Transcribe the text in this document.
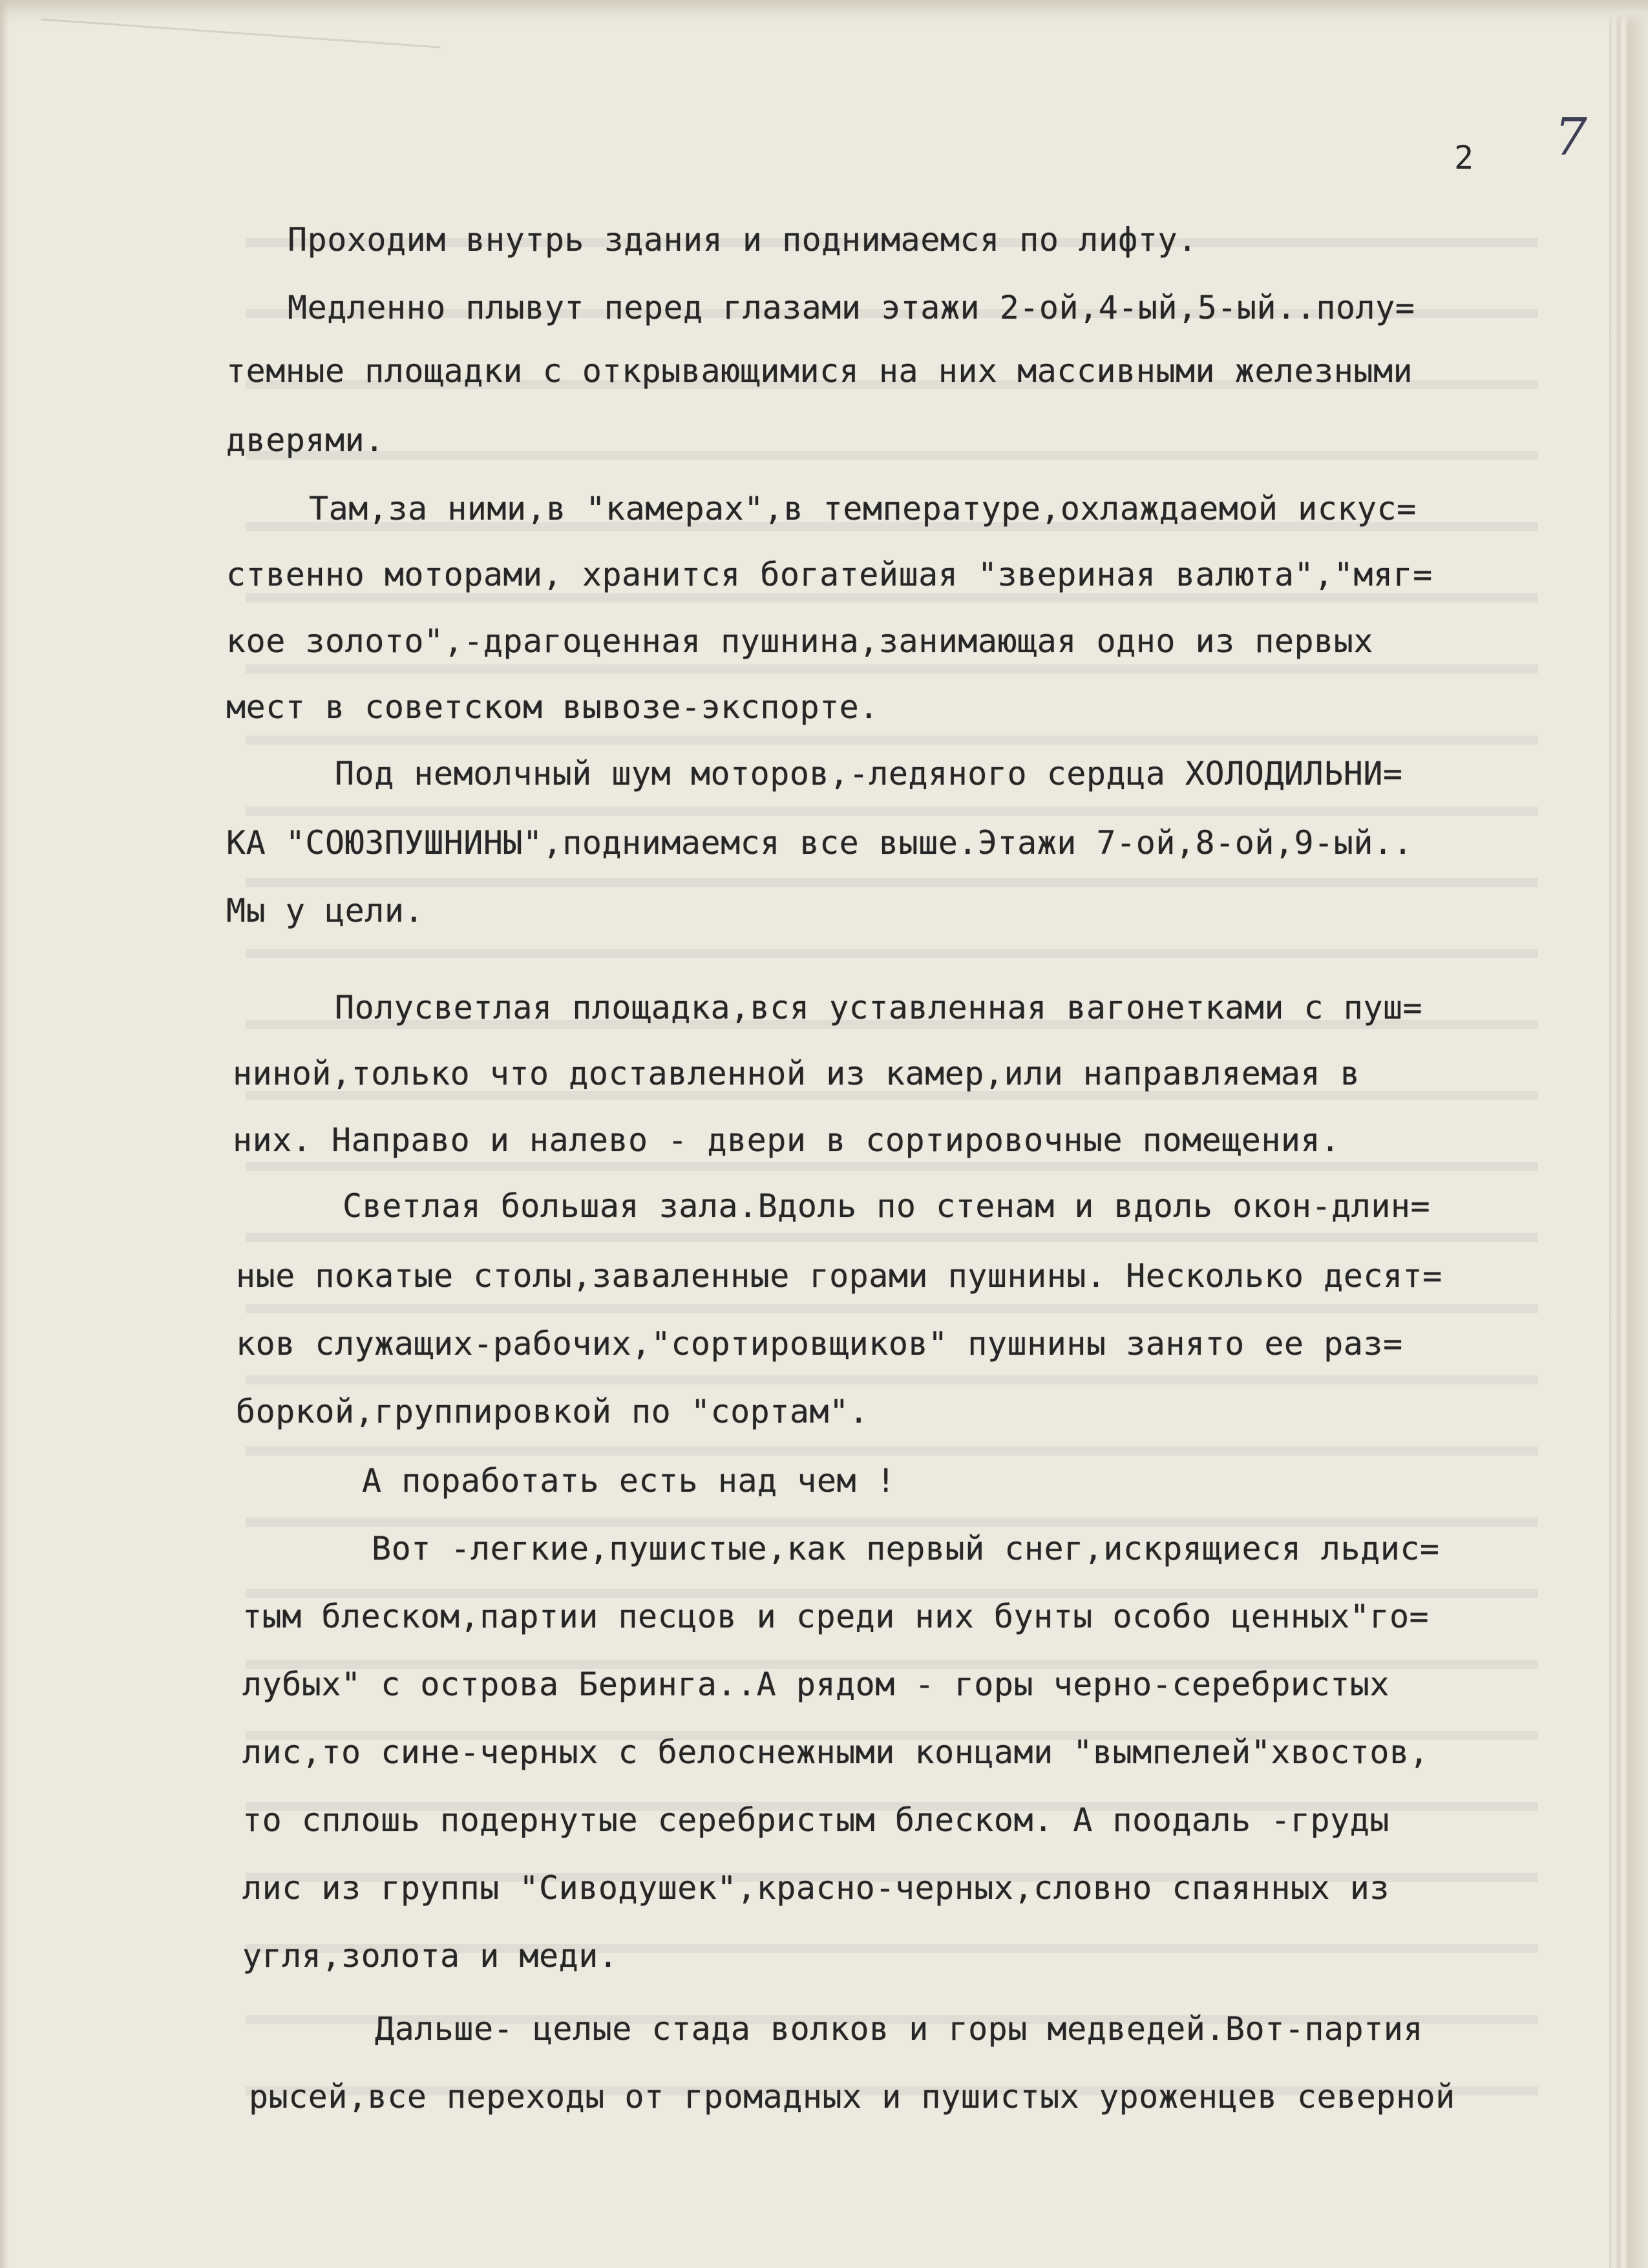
2 7
Проходим внутрь здания и поднимаемся по лифту.
Медленно плывут перед глазами этажи 2-ой,4-ый,5-ый..полу=
темные площадки с открывающимися на них массивными железными
дверями.
Там,за ними,в "камерах",в температуре,охлаждаемой искус=
ственно моторами, хранится богатейшая "звериная валюта","мяг=
кое золото",-драгоценная пушнина,занимающая одно из первых
мест в советском вывозе-экспорте.
Под немолчный шум моторов,-ледяного сердца ХОЛОДИЛЬНИ=
КА "СОЮЗПУШНИНЫ",поднимаемся все выше.Этажи 7-ой,8-ой,9-ый..
Мы у цели.
Полусветлая площадка,вся уставленная вагонетками с пуш=
ниной,только что доставленной из камер,или направляемая в
них. Направо и налево - двери в сортировочные помещения.
Светлая большая зала.Вдоль по стенам и вдоль окон-длин=
ные покатые столы,заваленные горами пушнины. Несколько десят=
ков служащих-рабочих,"сортировщиков" пушнины занято ее раз=
боркой,группировкой по "сортам".
А поработать есть над чем !
Вот -легкие,пушистые,как первый снег,искрящиеся льдис=
тым блеском,партии песцов и среди них бунты особо ценных"го=
лубых" с острова Беринга..А рядом - горы черно-серебристых
лис,то сине-черных с белоснежными концами "вымпелей"хвостов,
то сплошь подернутые серебристым блеском. А поодаль -груды
лис из группы "Сиводушек",красно-черных,словно спаянных из
угля,золота и меди.
Дальше- целые стада волков и горы медведей.Вот-партия
рысей,все переходы от громадных и пушистых уроженцев северной
